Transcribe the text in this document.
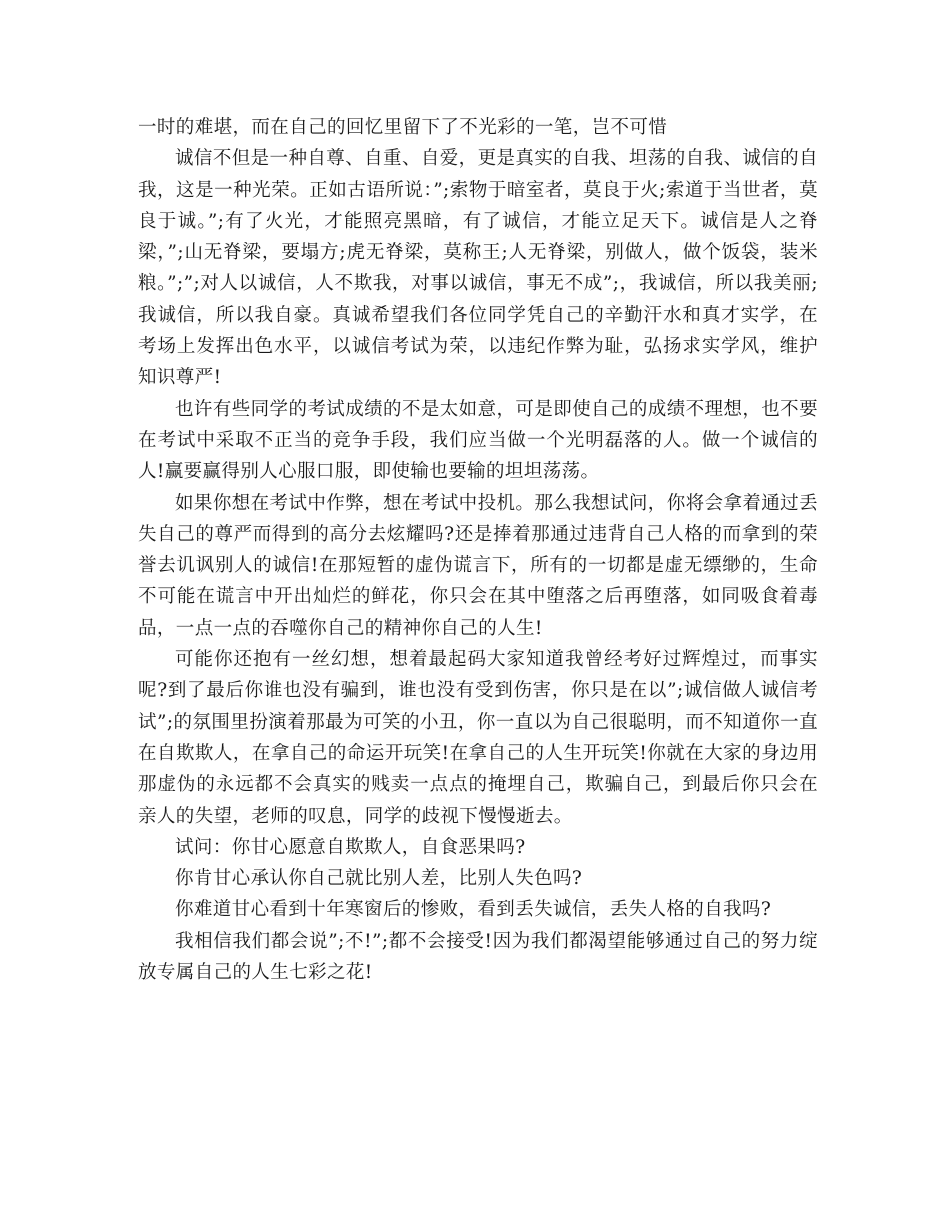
一时的难堪，而在自己的回忆里留下了不光彩的一笔，岂不可惜

诚信不但是一种自尊、自重、自爱，更是真实的自我、坦荡的自我、诚信的自我，这是一种光荣。正如古语所说：”;索物于暗室者，莫良于火;索道于当世者，莫良于诚。”;有了火光，才能照亮黑暗，有了诚信，才能立足天下。诚信是人之脊梁，”;山无脊梁，要塌方;虎无脊梁，莫称王;人无脊梁，别做人，做个饭袋，装米粮。”;”;对人以诚信，人不欺我，对事以诚信，事无不成”;，我诚信，所以我美丽;我诚信，所以我自豪。真诚希望我们各位同学凭自己的辛勤汗水和真才实学，在考场上发挥出色水平，以诚信考试为荣，以违纪作弊为耻，弘扬求实学风，维护知识尊严!

也许有些同学的考试成绩的不是太如意，可是即使自己的成绩不理想，也不要在考试中采取不正当的竞争手段，我们应当做一个光明磊落的人。做一个诚信的人!赢要赢得别人心服口服，即使输也要输的坦坦荡荡。

如果你想在考试中作弊，想在考试中投机。那么我想试问，你将会拿着通过丢失自己的尊严而得到的高分去炫耀吗?还是捧着那通过违背自己人格的而拿到的荣誉去讥讽别人的诚信!在那短暂的虚伪谎言下，所有的一切都是虚无缥缈的，生命不可能在谎言中开出灿烂的鲜花，你只会在其中堕落之后再堕落，如同吸食着毒品，一点一点的吞噬你自己的精神你自己的人生!

可能你还抱有一丝幻想，想着最起码大家知道我曾经考好过辉煌过，而事实呢?到了最后你谁也没有骗到，谁也没有受到伤害，你只是在以”;诚信做人诚信考试”;的氛围里扮演着那最为可笑的小丑，你一直以为自己很聪明，而不知道你一直在自欺欺人，在拿自己的命运开玩笑!在拿自己的人生开玩笑!你就在大家的身边用那虚伪的永远都不会真实的贱卖一点点的掩埋自己，欺骗自己，到最后你只会在亲人的失望，老师的叹息，同学的歧视下慢慢逝去。

试问：你甘心愿意自欺欺人，自食恶果吗?

你肯甘心承认你自己就比别人差，比别人失色吗?

你难道甘心看到十年寒窗后的惨败，看到丢失诚信，丢失人格的自我吗?

我相信我们都会说”;不!”;都不会接受!因为我们都渴望能够通过自己的努力绽放专属自己的人生七彩之花!
